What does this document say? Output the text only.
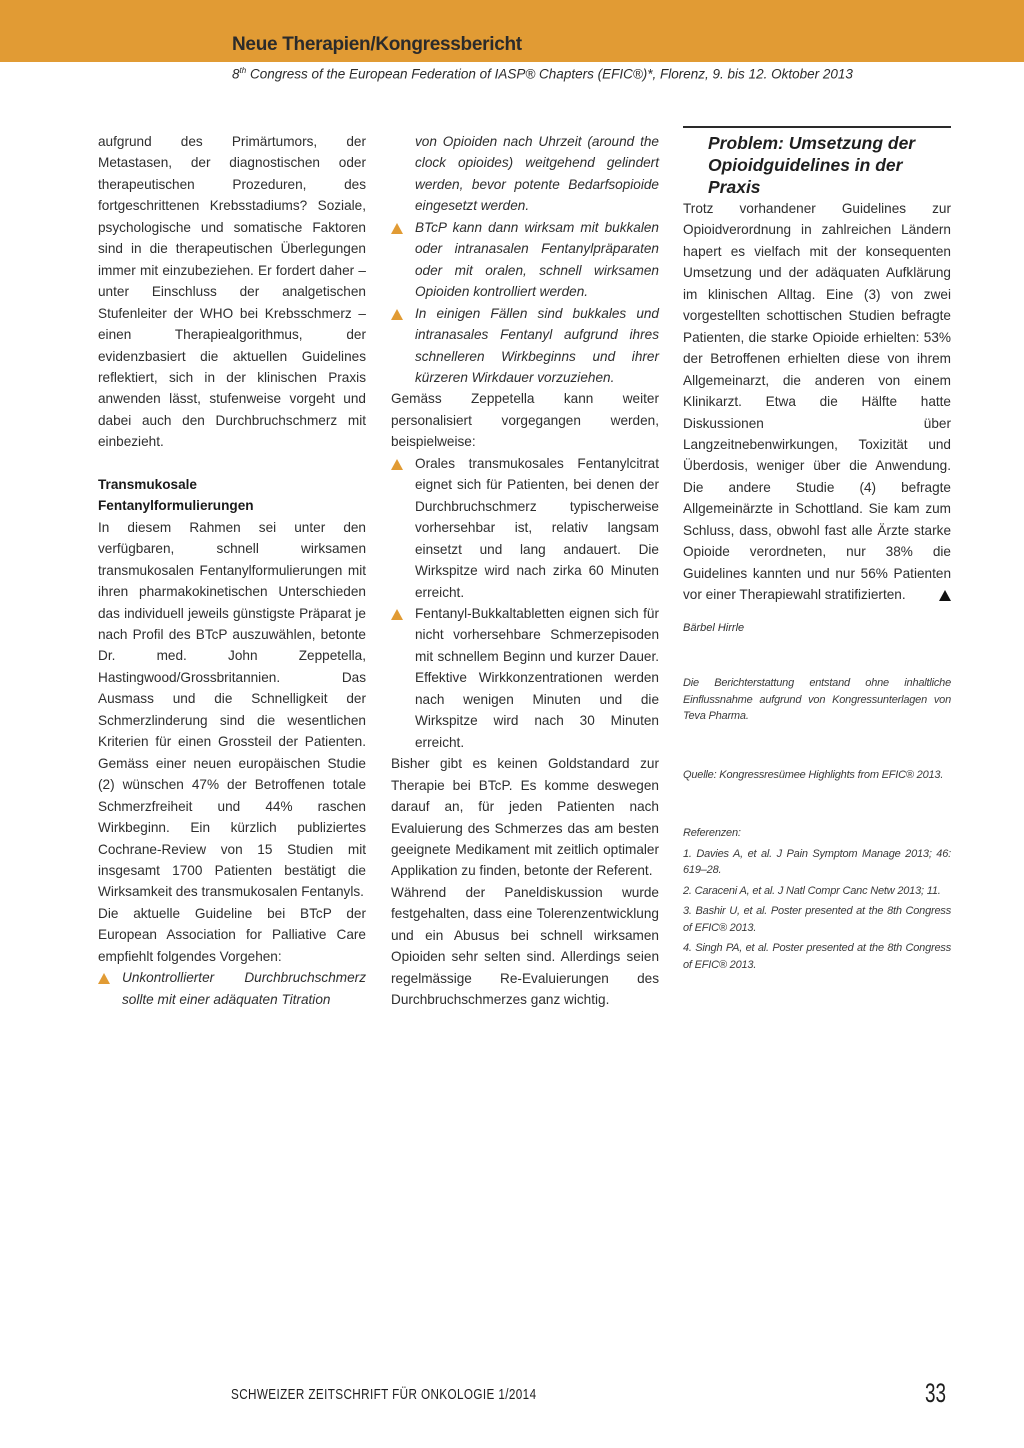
Neue Therapien/Kongressbericht
8th Congress of the European Federation of IASP® Chapters (EFIC®)*, Florenz, 9. bis 12. Oktober 2013

aufgrund des Primärtumors, der Metastasen, der diagnostischen oder therapeutischen Prozeduren, des fortgeschrittenen Krebsstadiums? Soziale, psychologische und somatische Faktoren sind in die therapeutischen Überlegungen immer mit einzubeziehen. Er fordert daher – unter Einschluss der analgetischen Stufenleiter der WHO bei Krebsschmerz – einen Therapiealgorithmus, der evidenzbasiert die aktuellen Guidelines reflektiert, sich in der klinischen Praxis anwenden lässt, stufenweise vorgeht und dabei auch den Durchbruchschmerz mit einbezieht.

Transmukosale Fentanylformulierungen

In diesem Rahmen sei unter den verfügbaren, schnell wirksamen transmukosalen Fentanylformulierungen mit ihren pharmakokinetischen Unterschieden das individuell jeweils günstigste Präparat je nach Profil des BTcP auszuwählen, betonte Dr. med. John Zeppetella, Hastingwood/Grossbritannien. Das Ausmass und die Schnelligkeit der Schmerzlinderung sind die wesentlichen Kriterien für einen Grossteil der Patienten. Gemäss einer neuen europäischen Studie (2) wünschen 47% der Betroffenen totale Schmerzfreiheit und 44% raschen Wirkbeginn. Ein kürzlich publiziertes Cochrane-Review von 15 Studien mit insgesamt 1700 Patienten bestätigt die Wirksamkeit des transmukosalen Fentanyls.

Die aktuelle Guideline bei BTcP der European Association for Palliative Care empfiehlt folgendes Vorgehen:

Unkontrollierter Durchbruchschmerz sollte mit einer adäquaten Titration
von Opioiden nach Uhrzeit (around the clock opioides) weitgehend gelindert werden, bevor potente Bedarfsopioide eingesetzt werden.
BTcP kann dann wirksam mit bukkalen oder intranasalen Fentanylpräparaten oder mit oralen, schnell wirksamen Opioiden kontrolliert werden.
In einigen Fällen sind bukkales und intranasales Fentanyl aufgrund ihres schnelleren Wirkbeginns und ihrer kürzeren Wirkdauer vorzuziehen.

Gemäss Zeppetella kann weiter personalisiert vorgegangen werden, beispielweise:

Orales transmukosales Fentanylcitrat eignet sich für Patienten, bei denen der Durchbruchschmerz typischerweise vorhersehbar ist, relativ langsam einsetzt und lang andauert. Die Wirkspitze wird nach zirka 60 Minuten erreicht.
Fentanyl-Bukkaltabletten eignen sich für nicht vorhersehbare Schmerzepisoden mit schnellem Beginn und kurzer Dauer. Effektive Wirkkonzentrationen werden nach wenigen Minuten und die Wirkspitze wird nach 30 Minuten erreicht.

Bisher gibt es keinen Goldstandard zur Therapie bei BTcP. Es komme deswegen darauf an, für jeden Patienten nach Evaluierung des Schmerzes das am besten geeignete Medikament mit zeitlich optimaler Applikation zu finden, betonte der Referent.

Während der Paneldiskussion wurde festgehalten, dass eine Tolerenzentwicklung und ein Abusus bei schnell wirksamen Opioiden sehr selten sind. Allerdings seien regelmässige Re-Evaluierungen des Durchbruchschmerzes ganz wichtig.

Problem: Umsetzung der Opioidguidelines in der Praxis

Trotz vorhandener Guidelines zur Opioidverordnung in zahlreichen Ländern hapert es vielfach mit der konsequenten Umsetzung und der adäquaten Aufklärung im klinischen Alltag. Eine (3) von zwei vorgestellten schottischen Studien befragte Patienten, die starke Opioide erhielten: 53% der Betroffenen erhielten diese von ihrem Allgemeinarzt, die anderen von einem Klinikarzt. Etwa die Hälfte hatte Diskussionen über Langzeitnebenwirkungen, Toxizität und Überdosis, weniger über die Anwendung. Die andere Studie (4) befragte Allgemeinärzte in Schottland. Sie kam zum Schluss, dass, obwohl fast alle Ärzte starke Opioide verordneten, nur 38% die Guidelines kannten und nur 56% Patienten vor einer Therapiewahl stratifizierten.

Bärbel Hirrle

Die Berichterstattung entstand ohne inhaltliche Einflussnahme aufgrund von Kongressunterlagen von Teva Pharma.

Quelle: Kongressresümee Highlights from EFIC® 2013.

Referenzen:

1. Davies A, et al. J Pain Symptom Manage 2013; 46: 619–28.

2. Caraceni A, et al. J Natl Compr Canc Netw 2013; 11.

3. Bashir U, et al. Poster presented at the 8th Congress of EFIC® 2013.

4. Singh PA, et al. Poster presented at the 8th Congress of EFIC® 2013.

SCHWEIZER ZEITSCHRIFT FÜR ONKOLOGIE 1/2014	33
